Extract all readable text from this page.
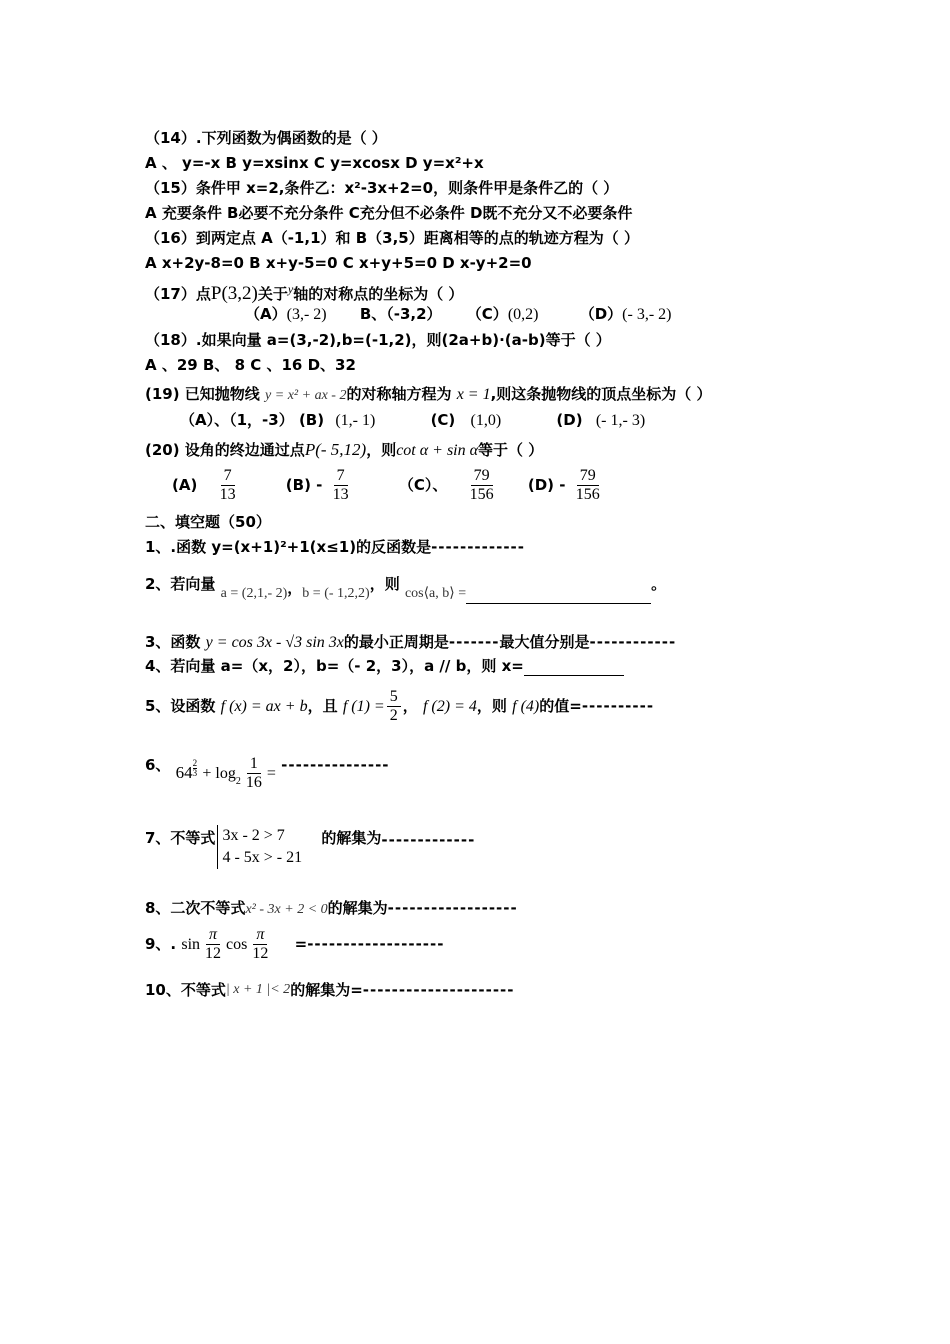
（14）.下列函数为偶函数的是（ ）
A 、 y=-x B y=xsinx C y=xcosx D y=x²+x
（15）条件甲 x=2,条件乙：x²-3x+2=0，则条件甲是条件乙的（ ）
A 充要条件 B必要不充分条件 C充分但不必条件 D既不充分又不必要条件
（16）到两定点 A（-1,1）和 B（3,5）距离相等的点的轨迹方程为（ ）
A x+2y-8=0 B x+y-5=0 C x+y+5=0 D x-y+2=0
（17）点P(3,2)关于$^y$轴的对称点的坐标为（ ）
（A）(3,- 2) B、（-3,2） （C）(0,2)	（D）(- 3,- 2)
（18）.如果向量 a=(3,-2),b=(-1,2)，则(2a+b)·(a-b)等于（ ）
A 、29 B、 8 C 、16 D、32
(19) 已知抛物线 y = x² + ax - 2的对称轴方程为 x = 1,则这条抛物线的顶点坐标为（ ）
（A）、（1，-3） (B) (1,- 1)	(C) (1,0)	(D) (- 1,- 3)
(20) 设角的终边通过点P(- 5,12)，则cot α + sin α等于（ ）
$(A) \frac{7}{13}$	$(B) - \frac{7}{13}$	（C）、 $\frac{79}{156} (D) - \frac{79}{156}$
二、填空题（50）
1、.函数 y=(x+1)²+1(x≤1)的反函数是-------------
2、若向量 a = (2,1,- 2)，b = (- 1,2,2)，则 cos⟨a, b⟩ =。
3、函数 y = cos 3x - √3 sin 3x的最小正周期是-------最大值分别是------------
4、若向量 a=（x，2），b=（- 2，3），a // b，则 x=
5、设函数 f (x) = ax + b，且 f $(1) = \frac{5}{2}$ ， f (2) = 4，则 f (4)的值=----------
6、 $64 \frac{2}{3} + \log_2 \frac{1}{16}$ = ---------------
7、不等式 3x - 2 > 7
4 - 5x > - 21
的解集为-------------
8、二次不等式x² - 3x + 2 < 0的解集为------------------
9、. $\sin \frac{\pi}{12}$ $\cos \frac{\pi}{12}$ =-------------------
10、不等式| x + 1 |< 2的解集为=---------------------
